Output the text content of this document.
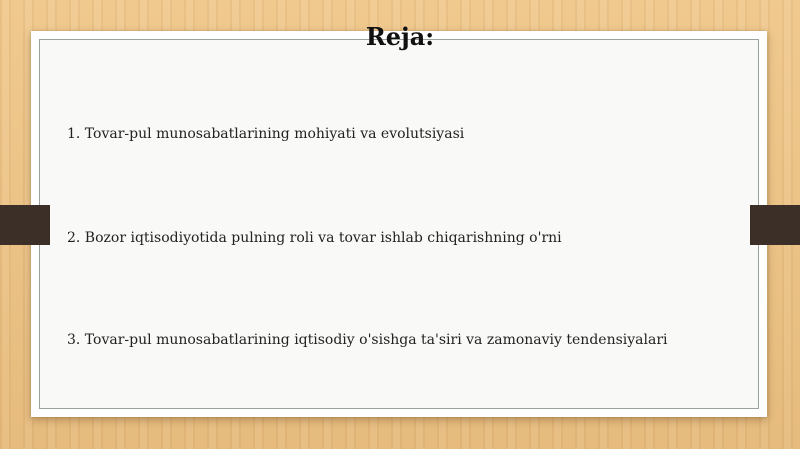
Reja:
1. Tovar-pul munosabatlarining mohiyati va evolutsiyasi
2. Bozor iqtisodiyotida pulning roli va tovar ishlab chiqarishning o'rni
3. Tovar-pul munosabatlarining iqtisodiy o'sishga ta'siri va zamonaviy tendensiyalari
